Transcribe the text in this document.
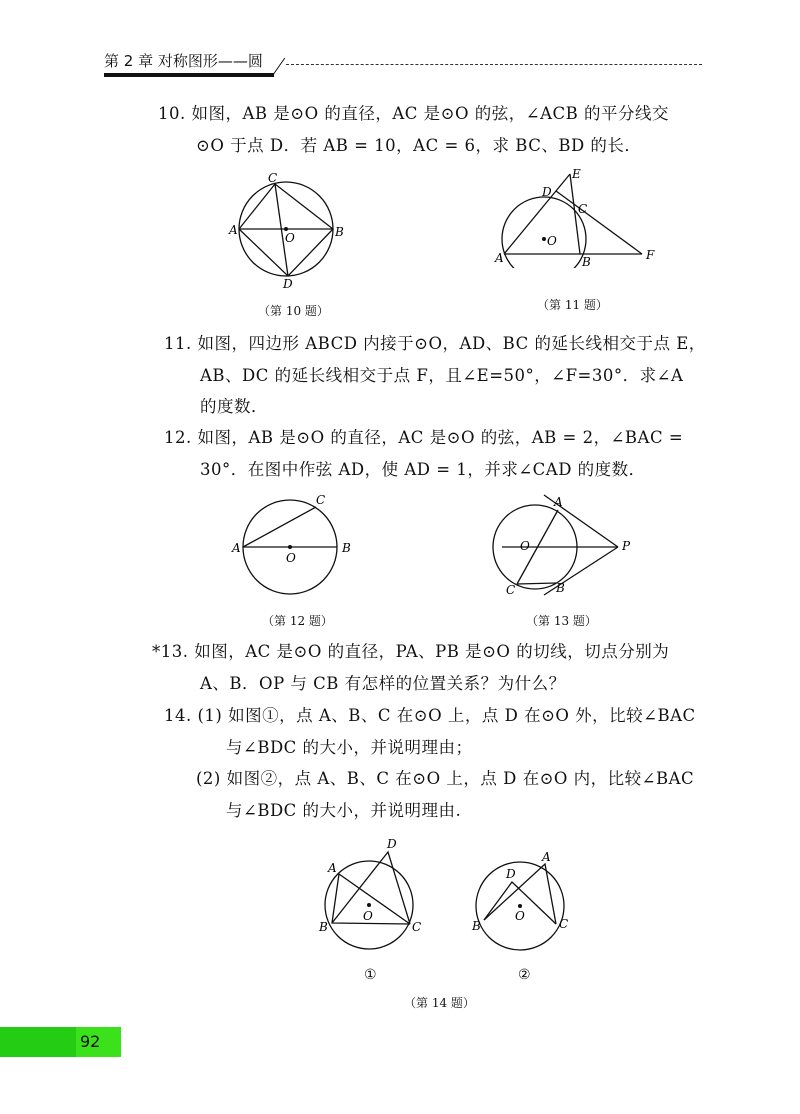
第 2 章 对称图形——圆
10. 如图，AB 是⊙O 的直径，AC 是⊙O 的弦，∠ACB 的平分线交
⊙O 于点 D．若 AB = 10，AC = 6，求 BC、BD 的长．
C
A	B
O
D
（第 10 题）
E
D
C
O
A	B	F
（第 11 题）
11. 如图，四边形 ABCD 内接于⊙O，AD、BC 的延长线相交于点 E，
AB、DC 的延长线相交于点 F，且∠E=50°，∠F=30°．求∠A
的度数．
12. 如图，AB 是⊙O 的直径，AC 是⊙O 的弦，AB = 2，∠BAC =
30°．在图中作弦 AD，使 AD = 1，并求∠CAD 的度数．
C
A	B
O
（第 12 题）
A
O	P
C	B
（第 13 题）
*13. 如图，AC 是⊙O 的直径，PA、PB 是⊙O 的切线，切点分别为
A、B．OP 与 CB 有怎样的位置关系？为什么？
14. (1) 如图①，点 A、B、C 在⊙O 上，点 D 在⊙O 外，比较∠BAC
与∠BDC 的大小，并说明理由；
(2) 如图②，点 A、B、C 在⊙O 上，点 D 在⊙O 内，比较∠BAC
与∠BDC 的大小，并说明理由.
D
A
B	C
O
①
A
D
B	C
O
②
（第 14 题）
92
